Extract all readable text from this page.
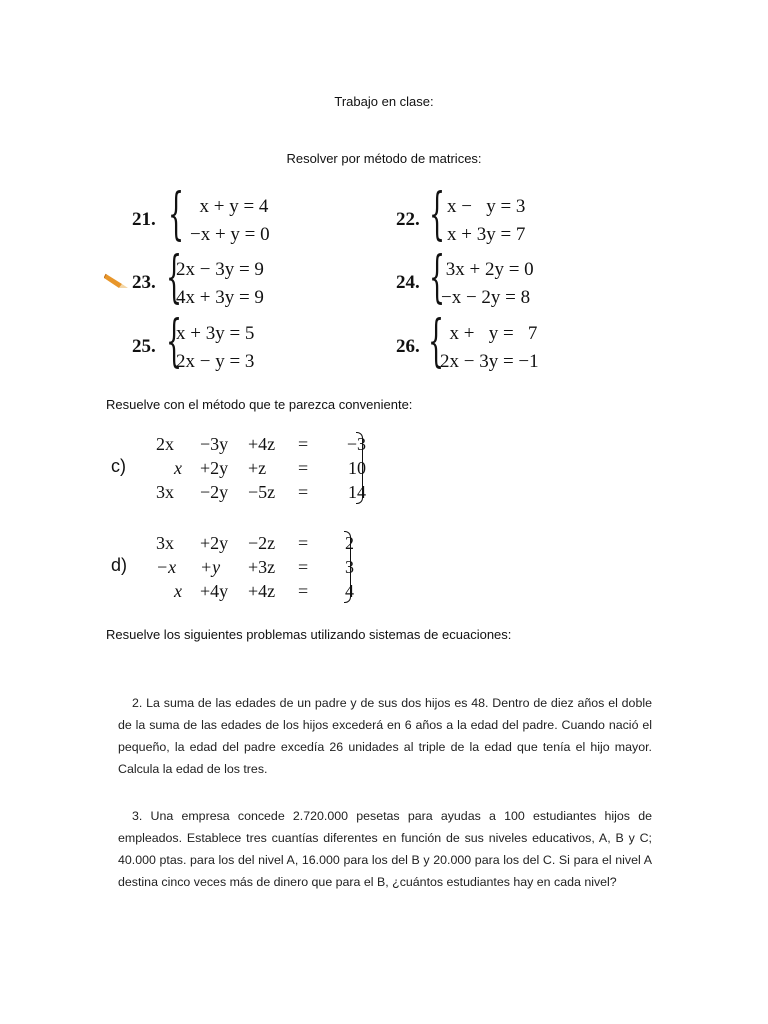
Trabajo en clase:
Resolver por método de matrices:
21. { x + y = 4
−x + y = 0
22. { x −   y = 3
x + 3y = 7
23. {
2x − 3y = 9
4x + 3y = 9
24. {
3x + 2y = 0
−x − 2y = 8
25. {
x + 3y = 5
2x − y = 3
26. {
x +   y =   7
2x − 3y = −1
Resuelve con el método que te parezca conveniente:
c)
2x	−3y	+4z	=	−3
x	+2y	+z	=	10
3x	−2y	−5z	=	14
d)
3x	+2y	−2z	=	2
−x	+y	+3z	=	3
x	+4y	+4z	=	4
Resuelve los siguientes problemas utilizando sistemas de ecuaciones:
2. La suma de las edades de un padre y de sus dos hijos es 48. Dentro de diez años el doble de la suma de las edades de los hijos excederá en 6 años a la edad del padre. Cuando nació el pequeño, la edad del padre excedía 26 unidades al triple de la edad que tenía el hijo mayor. Calcula la edad de los tres.
3. Una empresa concede 2.720.000 pesetas para ayudas a 100 estudiantes hijos de empleados. Establece tres cuantías diferentes en función de sus niveles educativos, A, B y C; 40.000 ptas. para los del nivel A, 16.000 para los del B y 20.000 para los del C. Si para el nivel A destina cinco veces más de dinero que para el B, ¿cuántos estudiantes hay en cada nivel?
